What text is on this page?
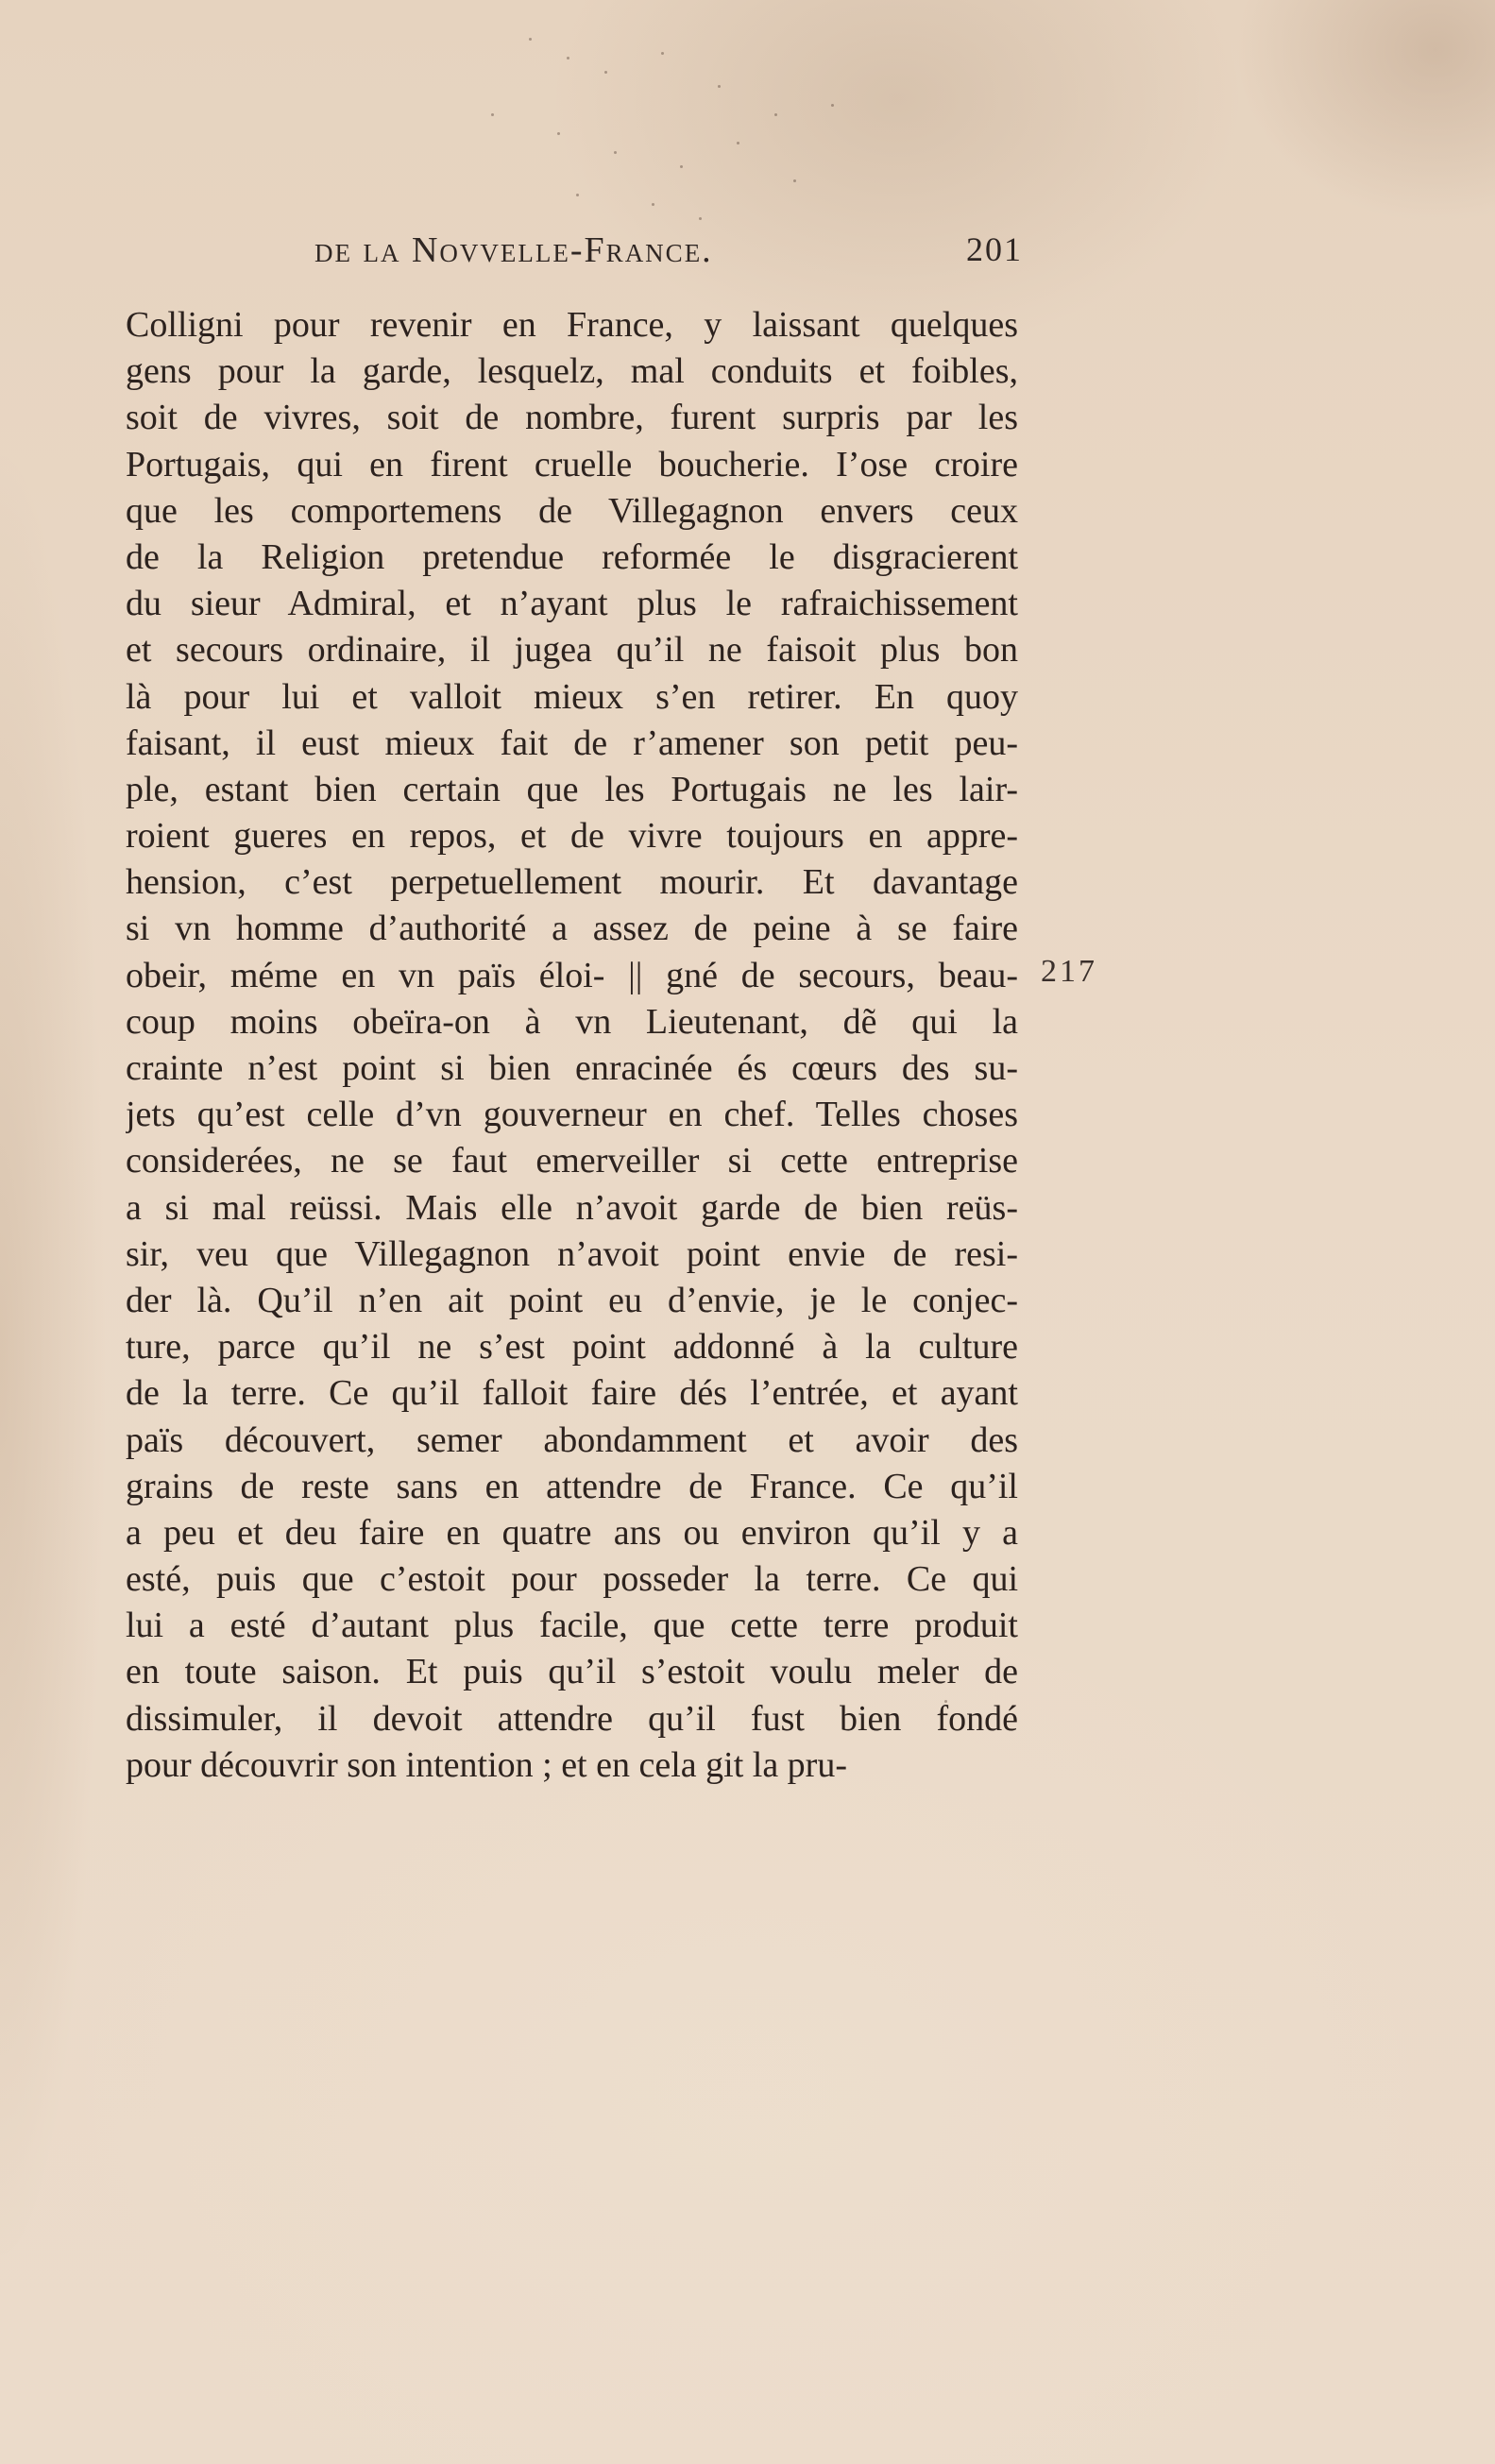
de la Novvelle-France.	201
Colligni pour revenir en France, y laissant quelques
gens pour la garde, lesquelz, mal conduits et foibles,
soit de vivres, soit de nombre, furent surpris par les
Portugais, qui en firent cruelle boucherie. I’ose croire
que les comportemens de Villegagnon envers ceux
de la Religion pretendue reformée le disgracierent
du sieur Admiral, et n’ayant plus le rafraichissement
et secours ordinaire, il jugea qu’il ne faisoit plus bon
là pour lui et valloit mieux s’en retirer. En quoy
faisant, il eust mieux fait de r’amener son petit peu-
ple, estant bien certain que les Portugais ne les lair-
roient gueres en repos, et de vivre toujours en appre-
hension, c’est perpetuellement mourir. Et davantage
si vn homme d’authorité a assez de peine à se faire
obeir, méme en vn païs éloi- || gné de secours, beau-
coup moins obeïra-on à vn Lieutenant, dẽ qui la
crainte n’est point si bien enracinée és cœurs des su-
jets qu’est celle d’vn gouverneur en chef. Telles choses
considerées, ne se faut emerveiller si cette entreprise
a si mal reüssi. Mais elle n’avoit garde de bien reüs-
sir, veu que Villegagnon n’avoit point envie de resi-
der là. Qu’il n’en ait point eu d’envie, je le conjec-
ture, parce qu’il ne s’est point addonné à la culture
de la terre. Ce qu’il falloit faire dés l’entrée, et ayant
païs découvert, semer abondamment et avoir des
grains de reste sans en attendre de France. Ce qu’il
a peu et deu faire en quatre ans ou environ qu’il y a
esté, puis que c’estoit pour posseder la terre. Ce qui
lui a esté d’autant plus facile, que cette terre produit
en toute saison. Et puis qu’il s’estoit voulu meler de
dissimuler, il devoit attendre qu’il fust bien fondé
pour découvrir son intention ; et en cela git la pru-
217
